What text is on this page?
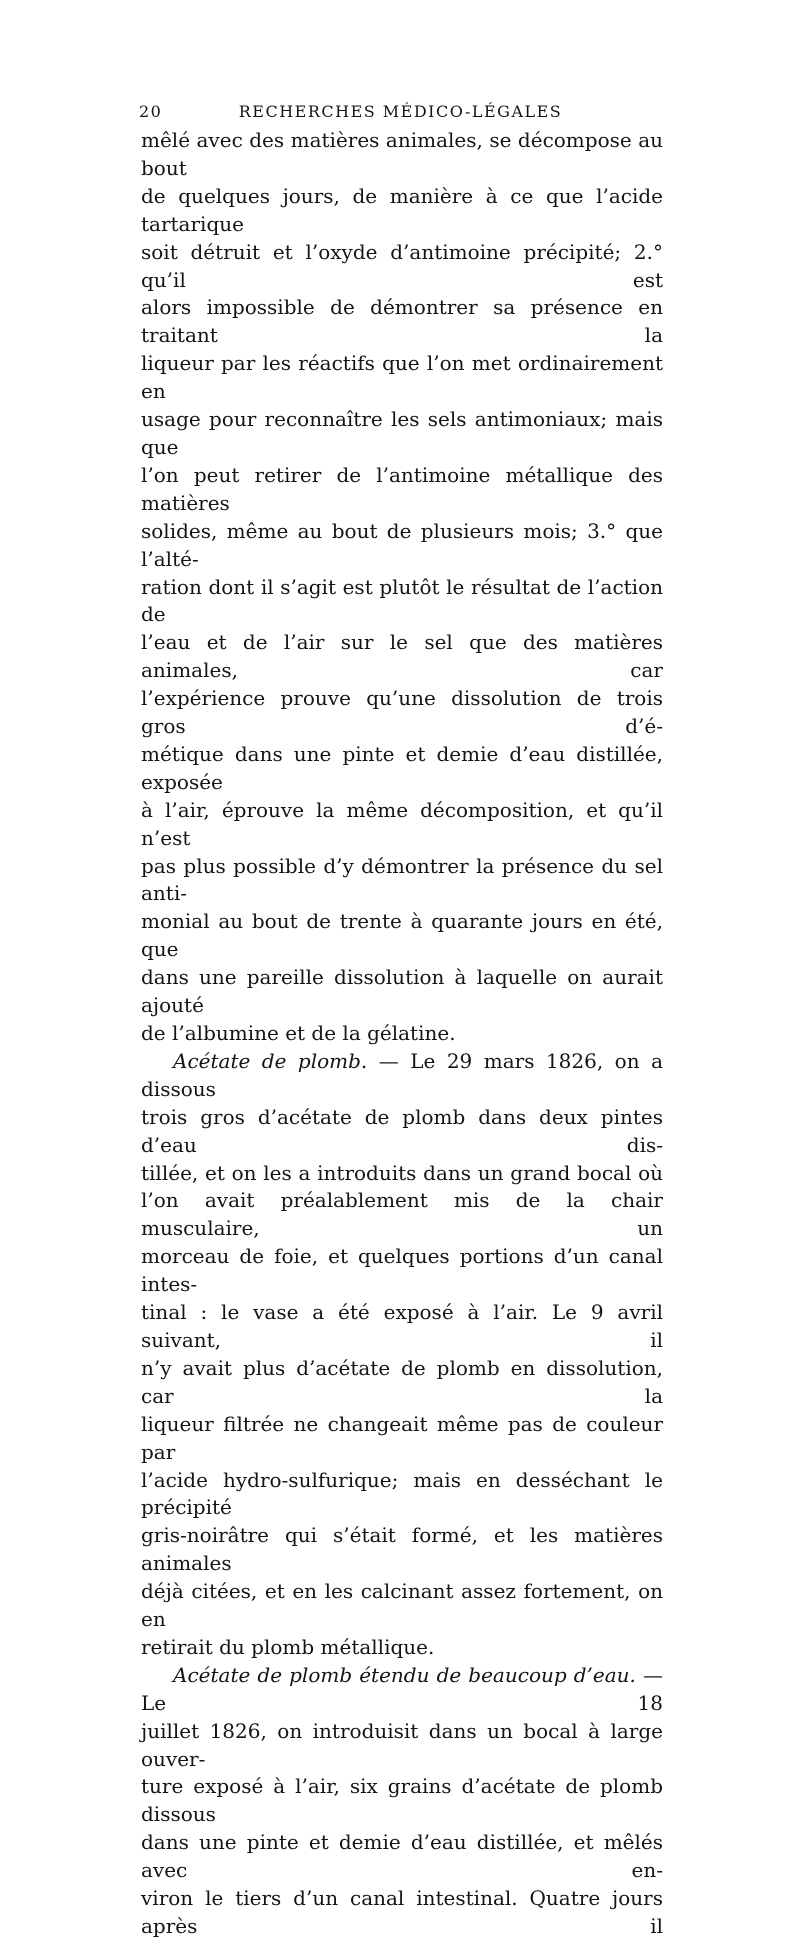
20	RECHERCHES MÉDICO-LÉGALES

mêlé avec des matières animales, se décompose au bout

de quelques jours, de manière à ce que l’acide tartarique

soit détruit et l’oxyde d’antimoine précipité; 2.° qu’il est

alors impossible de démontrer sa présence en traitant la

liqueur par les réactifs que l’on met ordinairement en

usage pour reconnaître les sels antimoniaux; mais que

l’on peut retirer de l’antimoine métallique des matières

solides, même au bout de plusieurs mois; 3.° que l’alté-

ration dont il s’agit est plutôt le résultat de l’action de

l’eau et de l’air sur le sel que des matières animales, car

l’expérience prouve qu’une dissolution de trois gros d’é-

métique dans une pinte et demie d’eau distillée, exposée

à l’air, éprouve la même décomposition, et qu’il n’est

pas plus possible d’y démontrer la présence du sel anti-

monial au bout de trente à quarante jours en été, que

dans une pareille dissolution à laquelle on aurait ajouté

de l’albumine et de la gélatine.

Acétate de plomb. — Le 29 mars 1826, on a dissous

trois gros d’acétate de plomb dans deux pintes d’eau dis-

tillée, et on les a introduits dans un grand bocal où

l’on avait préalablement mis de la chair musculaire, un

morceau de foie, et quelques portions d’un canal intes-

tinal : le vase a été exposé à l’air. Le 9 avril suivant, il

n’y avait plus d’acétate de plomb en dissolution, car la

liqueur filtrée ne changeait même pas de couleur par

l’acide hydro-sulfurique; mais en desséchant le précipité

gris-noirâtre qui s’était formé, et les matières animales

déjà citées, et en les calcinant assez fortement, on en

retirait du plomb métallique.

Acétate de plomb étendu de beaucoup d’eau. — Le 18

juillet 1826, on introduisit dans un bocal à large ouver-

ture exposé à l’air, six grains d’acétate de plomb dissous

dans une pinte et demie d’eau distillée, et mêlés avec en-

viron le tiers d’un canal intestinal. Quatre jours après il
